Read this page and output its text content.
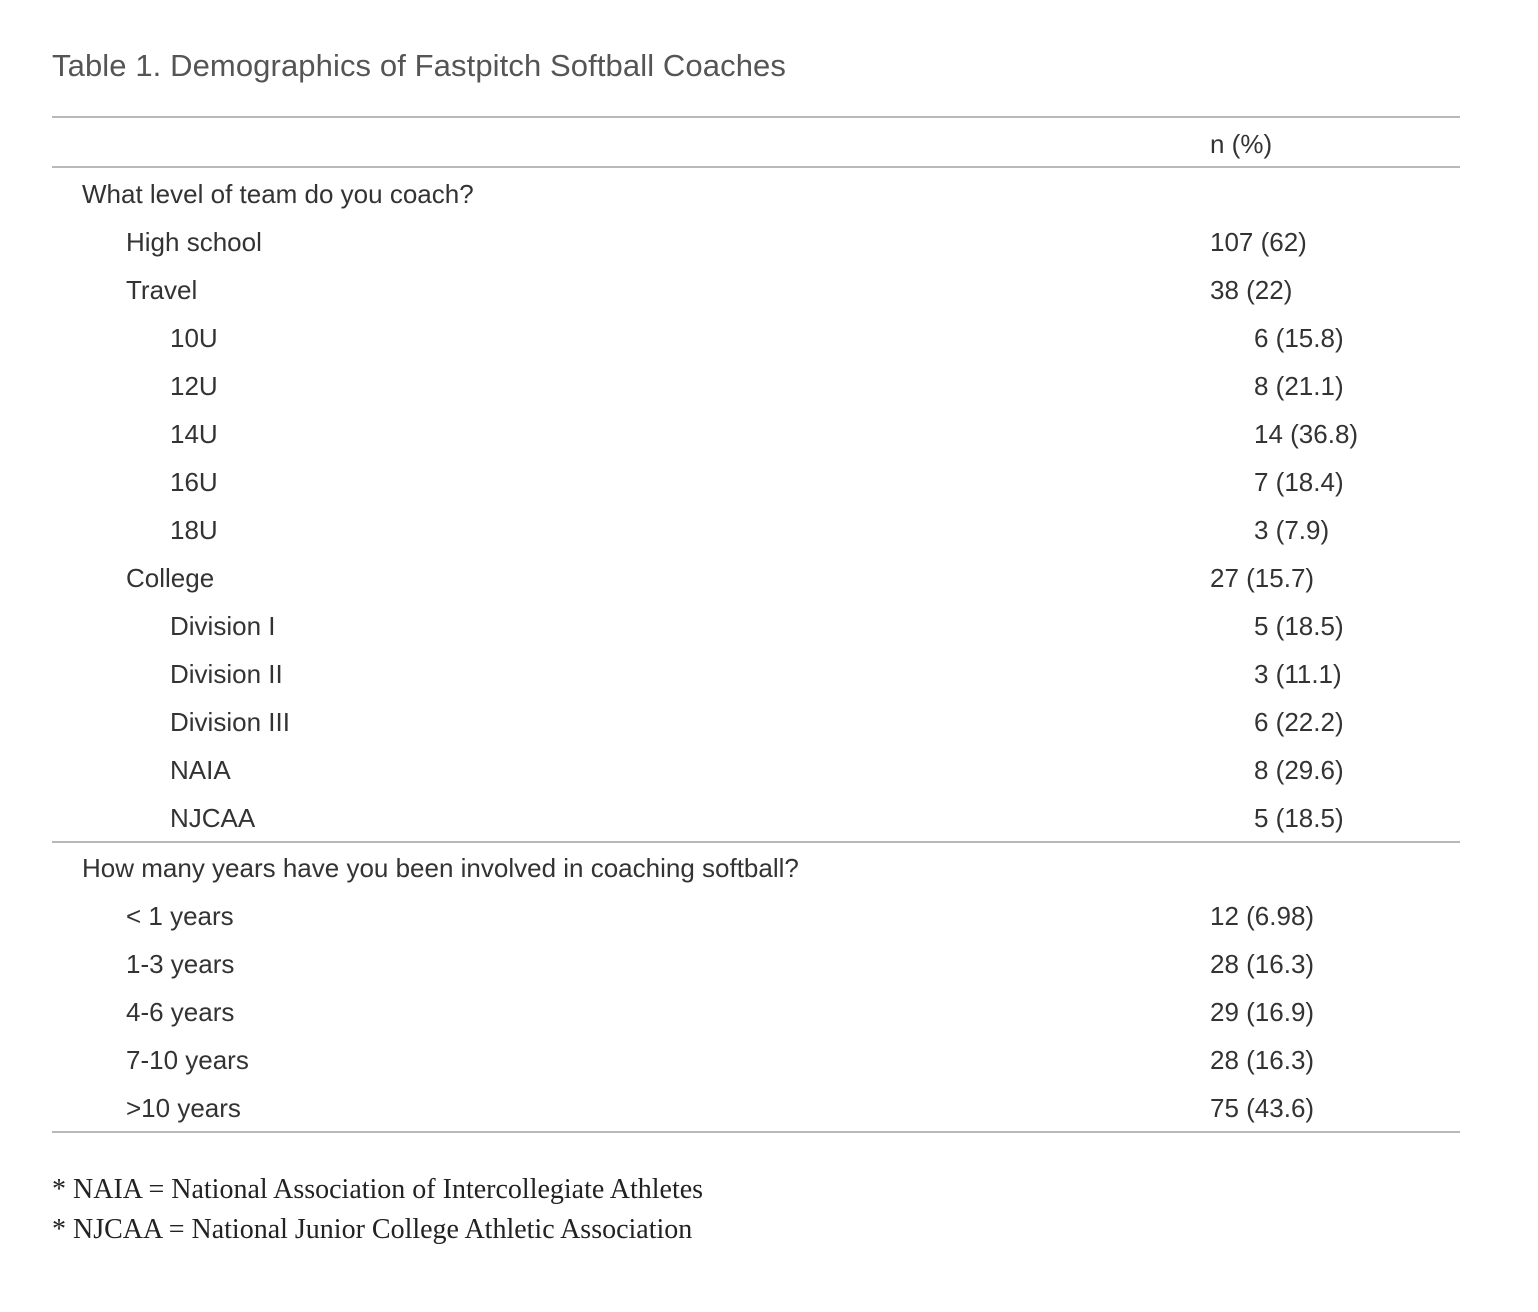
Table 1. Demographics of Fastpitch Softball Coaches
n (%)
What level of team do you coach?
High school	107 (62)
Travel	38 (22)
10U	6 (15.8)
12U	8 (21.1)
14U	14 (36.8)
16U	7 (18.4)
18U	3 (7.9)
College	27 (15.7)
Division I	5 (18.5)
Division II	3 (11.1)
Division III	6 (22.2)
NAIA	8 (29.6)
NJCAA	5 (18.5)
How many years have you been involved in coaching softball?
< 1 years	12 (6.98)
1-3 years	28 (16.3)
4-6 years	29 (16.9)
7-10 years	28 (16.3)
>10 years	75 (43.6)
* NAIA = National Association of Intercollegiate Athletes
* NJCAA = National Junior College Athletic Association
